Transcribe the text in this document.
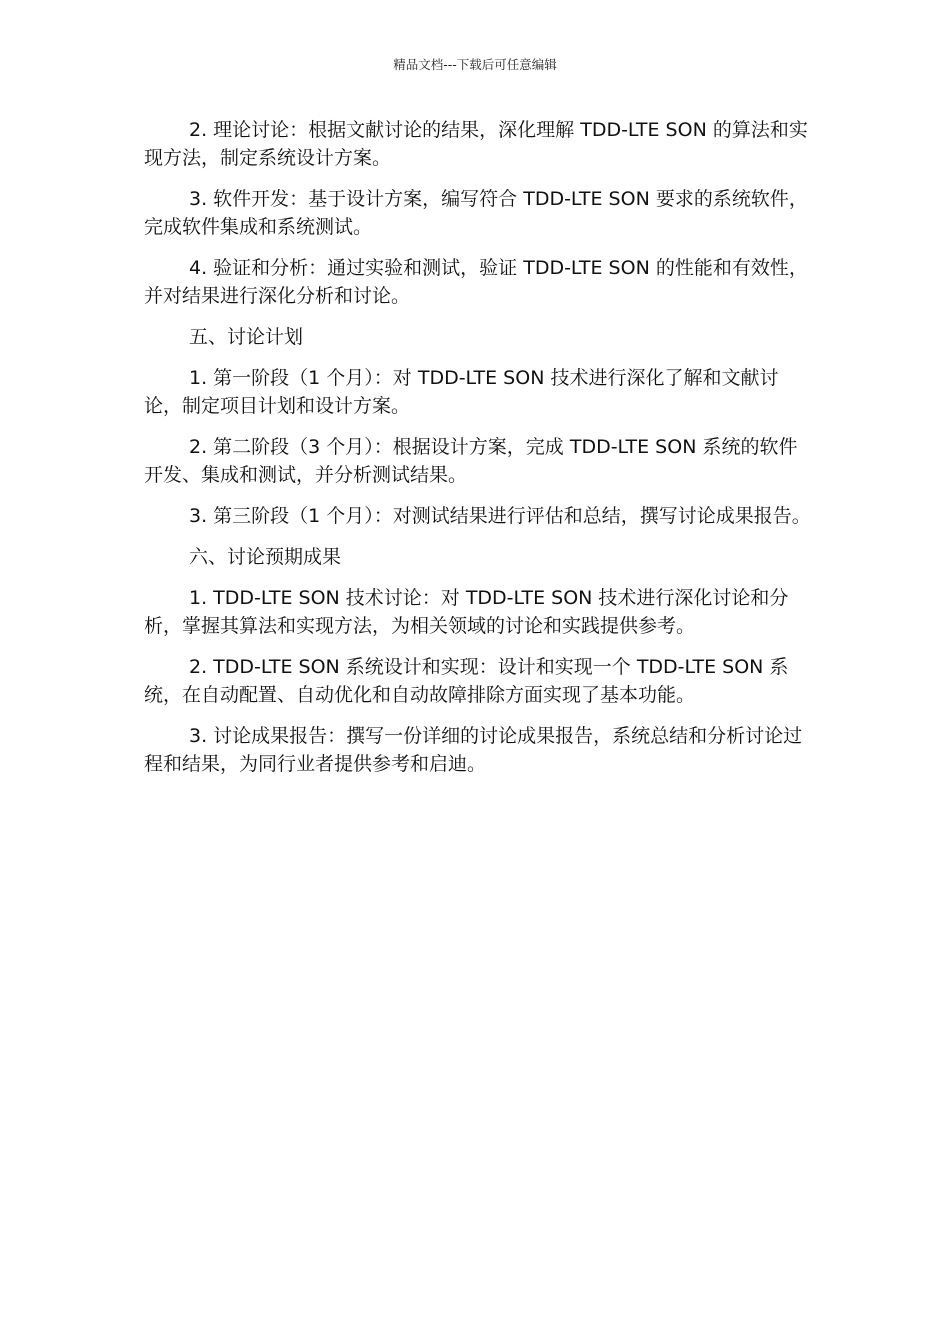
精品文档---下载后可任意编辑

2. 理论讨论：根据文献讨论的结果，深化理解 TDD-LTE SON 的算法和实现方法，制定系统设计方案。

3. 软件开发：基于设计方案，编写符合 TDD-LTE SON 要求的系统软件，完成软件集成和系统测试。

4. 验证和分析：通过实验和测试，验证 TDD-LTE SON 的性能和有效性，并对结果进行深化分析和讨论。

五、讨论计划

1. 第一阶段（1 个月）：对 TDD-LTE SON 技术进行深化了解和文献讨论，制定项目计划和设计方案。

2. 第二阶段（3 个月）：根据设计方案，完成 TDD-LTE SON 系统的软件开发、集成和测试，并分析测试结果。

3. 第三阶段（1 个月）：对测试结果进行评估和总结，撰写讨论成果报告。

六、讨论预期成果

1. TDD-LTE SON 技术讨论：对 TDD-LTE SON 技术进行深化讨论和分析，掌握其算法和实现方法，为相关领域的讨论和实践提供参考。

2. TDD-LTE SON 系统设计和实现：设计和实现一个 TDD-LTE SON 系统，在自动配置、自动优化和自动故障排除方面实现了基本功能。

3. 讨论成果报告：撰写一份详细的讨论成果报告，系统总结和分析讨论过程和结果，为同行业者提供参考和启迪。
